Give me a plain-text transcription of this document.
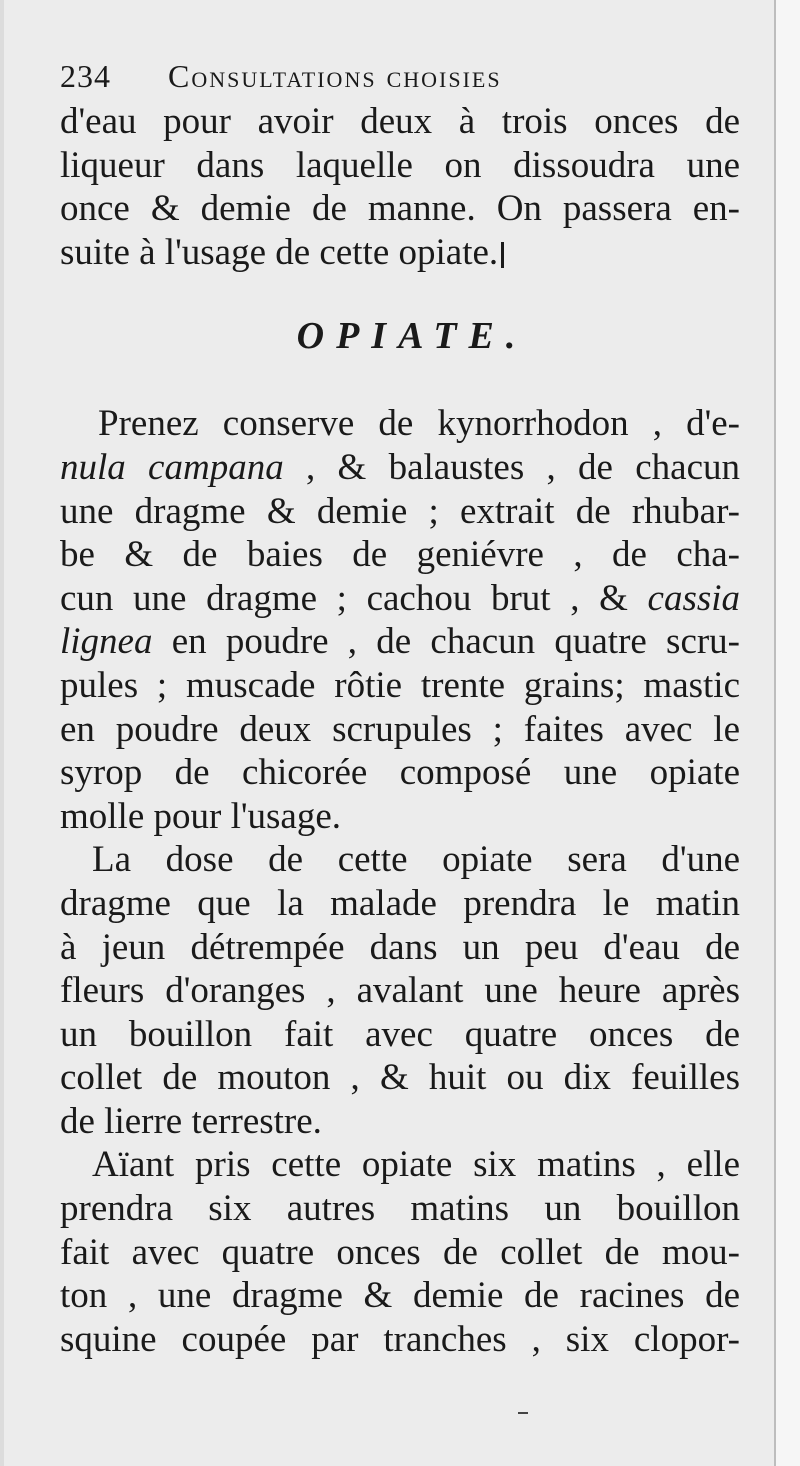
234 Consultations choisies
d'eau pour avoir deux à trois onces de
liqueur dans laquelle on dissoudra une
once & demie de manne. On passera en-
suite à l'usage de cette opiate.
OPIATE.
Prenez conserve de kynorrhodon , d'e-
nula campana , & balaustes , de chacun
une dragme & demie ; extrait de rhubar-
be & de baies de geniévre , de cha-
cun une dragme ; cachou brut , & cassia
lignea en poudre , de chacun quatre scru-
pules ; muscade rôtie trente grains; mastic
en poudre deux scrupules ; faites avec le
syrop de chicorée composé une opiate
molle pour l'usage.
La dose de cette opiate sera d'une
dragme que la malade prendra le matin
à jeun détrempée dans un peu d'eau de
fleurs d'oranges , avalant une heure après
un bouillon fait avec quatre onces de
collet de mouton , & huit ou dix feuilles
de lierre terrestre.
Aïant pris cette opiate six matins , elle
prendra six autres matins un bouillon
fait avec quatre onces de collet de mou-
ton , une dragme & demie de racines de
squine coupée par tranches , six clopor-
